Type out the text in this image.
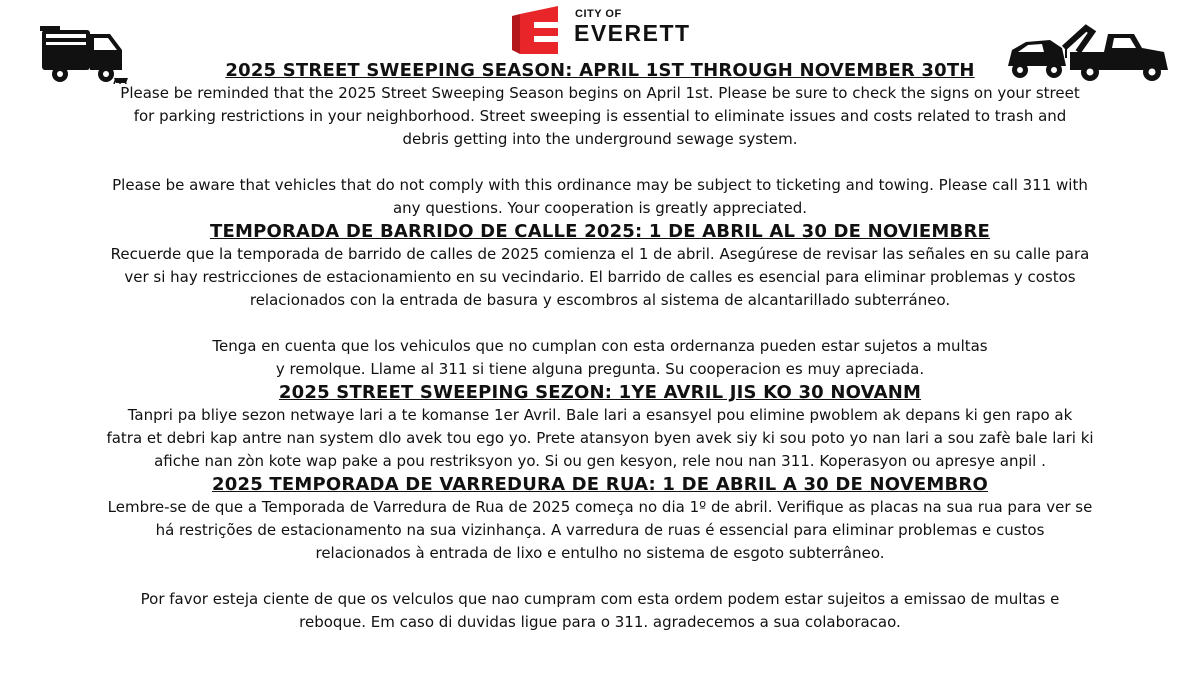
CITY OF
EVERETT

2025 STREET SWEEPING SEASON: APRIL 1ST THROUGH NOVEMBER 30TH

Please be reminded that the 2025 Street Sweeping Season begins on April 1st. Please be sure to check the signs on your street

for parking restrictions in your neighborhood. Street sweeping is essential to eliminate issues and costs related to trash and

debris getting into the underground sewage system.

Please be aware that vehicles that do not comply with this ordinance may be subject to ticketing and towing. Please call 311 with

any questions. Your cooperation is greatly appreciated.

TEMPORADA DE BARRIDO DE CALLE 2025: 1 DE ABRIL AL 30 DE NOVIEMBRE

Recuerde que la temporada de barrido de calles de 2025 comienza el 1 de abril. Asegúrese de revisar las señales en su calle para

ver si hay restricciones de estacionamiento en su vecindario. El barrido de calles es esencial para eliminar problemas y costos

relacionados con la entrada de basura y escombros al sistema de alcantarillado subterráneo.

Tenga en cuenta que los vehiculos que no cumplan con esta ordernanza pueden estar sujetos a multas

y remolque. Llame al 311 si tiene alguna pregunta. Su cooperacion es muy apreciada.

2025 STREET SWEEPING SEZON: 1YE AVRIL JIS KO 30 NOVANM

Tanpri pa bliye sezon netwaye lari a te komanse 1er Avril. Bale lari a esansyel pou elimine pwoblem ak depans ki gen rapo ak

fatra et debri kap antre nan system dlo avek tou ego yo. Prete atansyon byen avek siy ki sou poto yo nan lari a sou zafè bale lari ki

afiche nan zòn kote wap pake a pou restriksyon yo. Si ou gen kesyon, rele nou nan 311. Koperasyon ou apresye anpil .

2025 TEMPORADA DE VARREDURA DE RUA: 1 DE ABRIL A 30 DE NOVEMBRO

Lembre-se de que a Temporada de Varredura de Rua de 2025 começa no dia 1º de abril. Verifique as placas na sua rua para ver se

há restrições de estacionamento na sua vizinhança. A varredura de ruas é essencial para eliminar problemas e custos

relacionados à entrada de lixo e entulho no sistema de esgoto subterrâneo.

Por favor esteja ciente de que os velculos que nao cumpram com esta ordem podem estar sujeitos a emissao de multas e

reboque. Em caso di duvidas ligue para o 311. agradecemos a sua colaboracao.
